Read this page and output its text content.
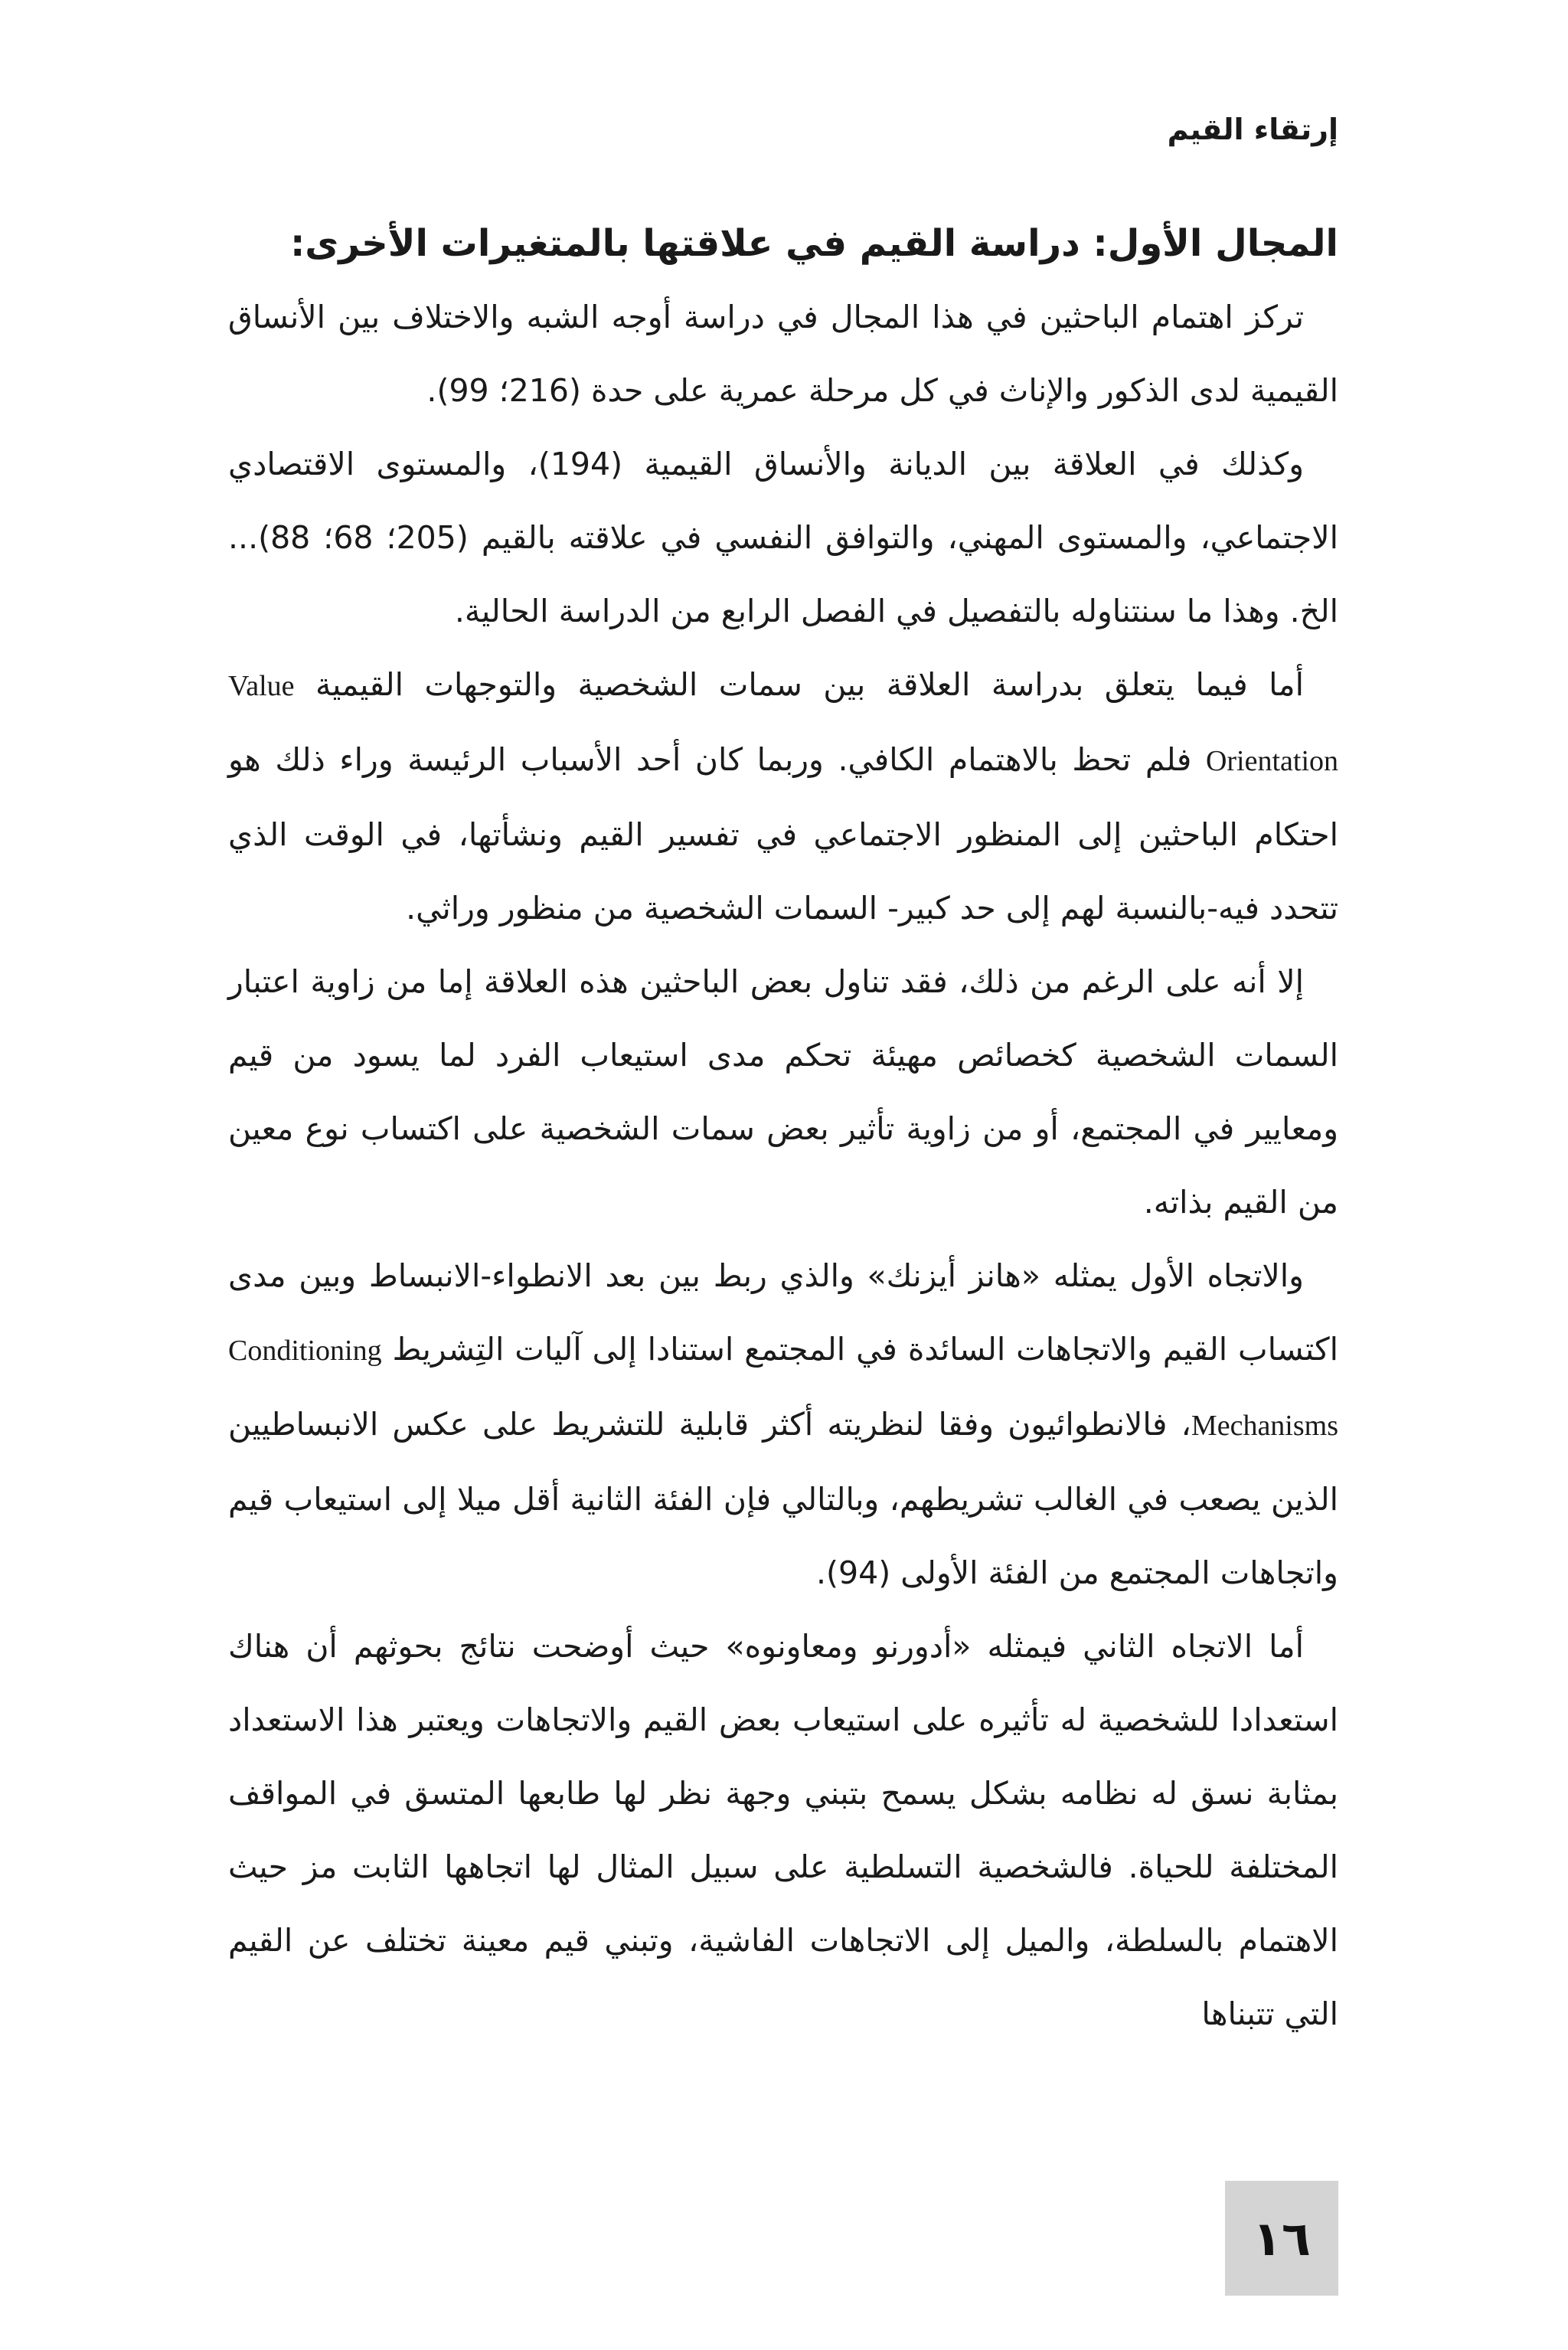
إرتقاء القيم
المجال الأول: دراسة القيم في علاقتها بالمتغيرات الأخرى:

تركز اهتمام الباحثين في هذا المجال في دراسة أوجه الشبه والاختلاف بين الأنساق القيمية لدى الذكور والإناث في كل مرحلة عمرية على حدة (216؛ 99).

وكذلك في العلاقة بين الديانة والأنساق القيمية (194)، والمستوى الاقتصادي الاجتماعي، والمستوى المهني، والتوافق النفسي في علاقته بالقيم (205؛ 68؛ 88)... الخ. وهذا ما سنتناوله بالتفصيل في الفصل الرابع من الدراسة الحالية.

أما فيما يتعلق بدراسة العلاقة بين سمات الشخصية والتوجهات القيمية Value Orientation فلم تحظ بالاهتمام الكافي. وربما كان أحد الأسباب الرئيسة وراء ذلك هو احتكام الباحثين إلى المنظور الاجتماعي في تفسير القيم ونشأتها، في الوقت الذي تتحدد فيه-بالنسبة لهم إلى حد كبير- السمات الشخصية من منظور وراثي.

إلا أنه على الرغم من ذلك، فقد تناول بعض الباحثين هذه العلاقة إما من زاوية اعتبار السمات الشخصية كخصائص مهيئة تحكم مدى استيعاب الفرد لما يسود من قيم ومعايير في المجتمع، أو من زاوية تأثير بعض سمات الشخصية على اكتساب نوع معين من القيم بذاته.

والاتجاه الأول يمثله «هانز أيزنك» والذي ربط بين بعد الانطواء-الانبساط وبين مدى اكتساب القيم والاتجاهات السائدة في المجتمع استنادا إلى آليات التِشريط Conditioning Mechanisms، فالانطوائيون وفقا لنظريته أكثر قابلية للتشريط على عكس الانبساطيين الذين يصعب في الغالب تشريطهم، وبالتالي فإن الفئة الثانية أقل ميلا إلى استيعاب قيم واتجاهات المجتمع من الفئة الأولى (94).

أما الاتجاه الثاني فيمثله «أدورنو ومعاونوه» حيث أوضحت نتائج بحوثهم أن هناك استعدادا للشخصية له تأثيره على استيعاب بعض القيم والاتجاهات ويعتبر هذا الاستعداد بمثابة نسق له نظامه بشكل يسمح بتبني وجهة نظر لها طابعها المتسق في المواقف المختلفة للحياة. فالشخصية التسلطية على سبيل المثال لها اتجاهها الثابت مز حيث الاهتمام بالسلطة، والميل إلى الاتجاهات الفاشية، وتبني قيم معينة تختلف عن القيم التي تتبناها

١٦
